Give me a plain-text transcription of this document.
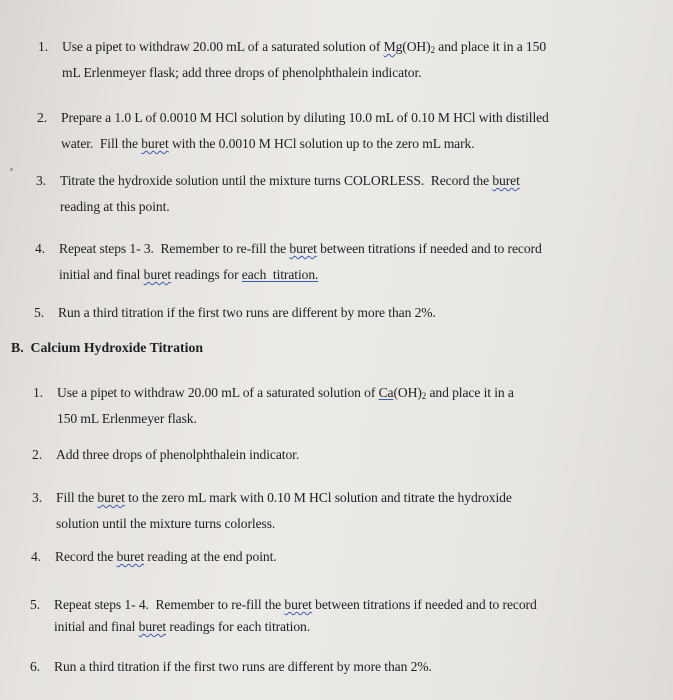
1. Use a pipet to withdraw 20.00 mL of a saturated solution of $Mg(OH)_2$ and place it in a 150
mL Erlenmeyer flask; add three drops of phenolphthalein indicator.
2. Prepare a 1.0 L of 0.0010 M HCl solution by diluting 10.0 mL of 0.10 M HCl with distilled
water.  Fill the buret with the 0.0010 M HCl solution up to the zero mL mark.
3. Titrate the hydroxide solution until the mixture turns COLORLESS.  Record the buret
reading at this point.
4. Repeat steps 1- 3.  Remember to re-fill the buret between titrations if needed and to record
initial and final buret readings for each  titration.
5. Run a third titration if the first two runs are different by more than 2%.
B.  Calcium Hydroxide Titration
1. Use a pipet to withdraw 20.00 mL of a saturated solution of $Ca(OH)_2$ and place it in a
150 mL Erlenmeyer flask.
2. Add three drops of phenolphthalein indicator.
3. Fill the buret to the zero mL mark with 0.10 M HCl solution and titrate the hydroxide
solution until the mixture turns colorless.
4. Record the buret reading at the end point.
5. Repeat steps 1- 4.  Remember to re-fill the buret between titrations if needed and to record
initial and final buret readings for each titration.
6. Run a third titration if the first two runs are different by more than 2%.
